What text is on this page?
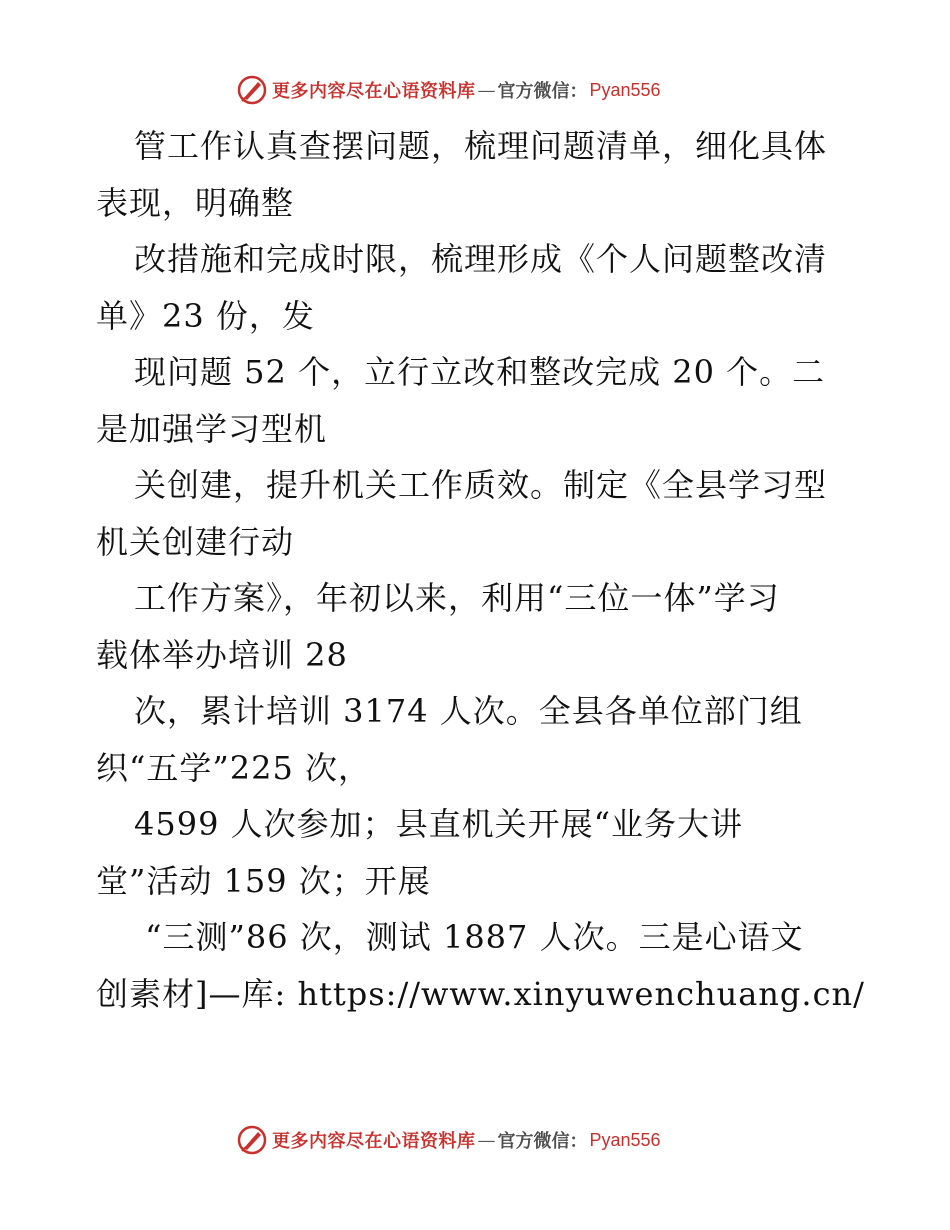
更多内容尽在心语资料库 — 官方微信： Pyan556
管工作认真查摆问题，梳理问题清单，细化具体
表现，明确整
改措施和完成时限，梳理形成《个人问题整改清
单》23 份，发
现问题 52 个，立行立改和整改完成 20 个。二
是加强学习型机
关创建，提升机关工作质效。制定《全县学习型
机关创建行动
工作方案》，年初以来，利用“三位一体”学习
载体举办培训 28
次，累计培训 3174 人次。全县各单位部门组
织“五学”225 次，
4599 人次参加；县直机关开展“业务大讲
堂”活动 159 次；开展
“三测”86 次，测试 1887 人次。三是心语文
创素材]—库: https://www.xinyuwenchuang.cn/
更多内容尽在心语资料库 — 官方微信： Pyan556
